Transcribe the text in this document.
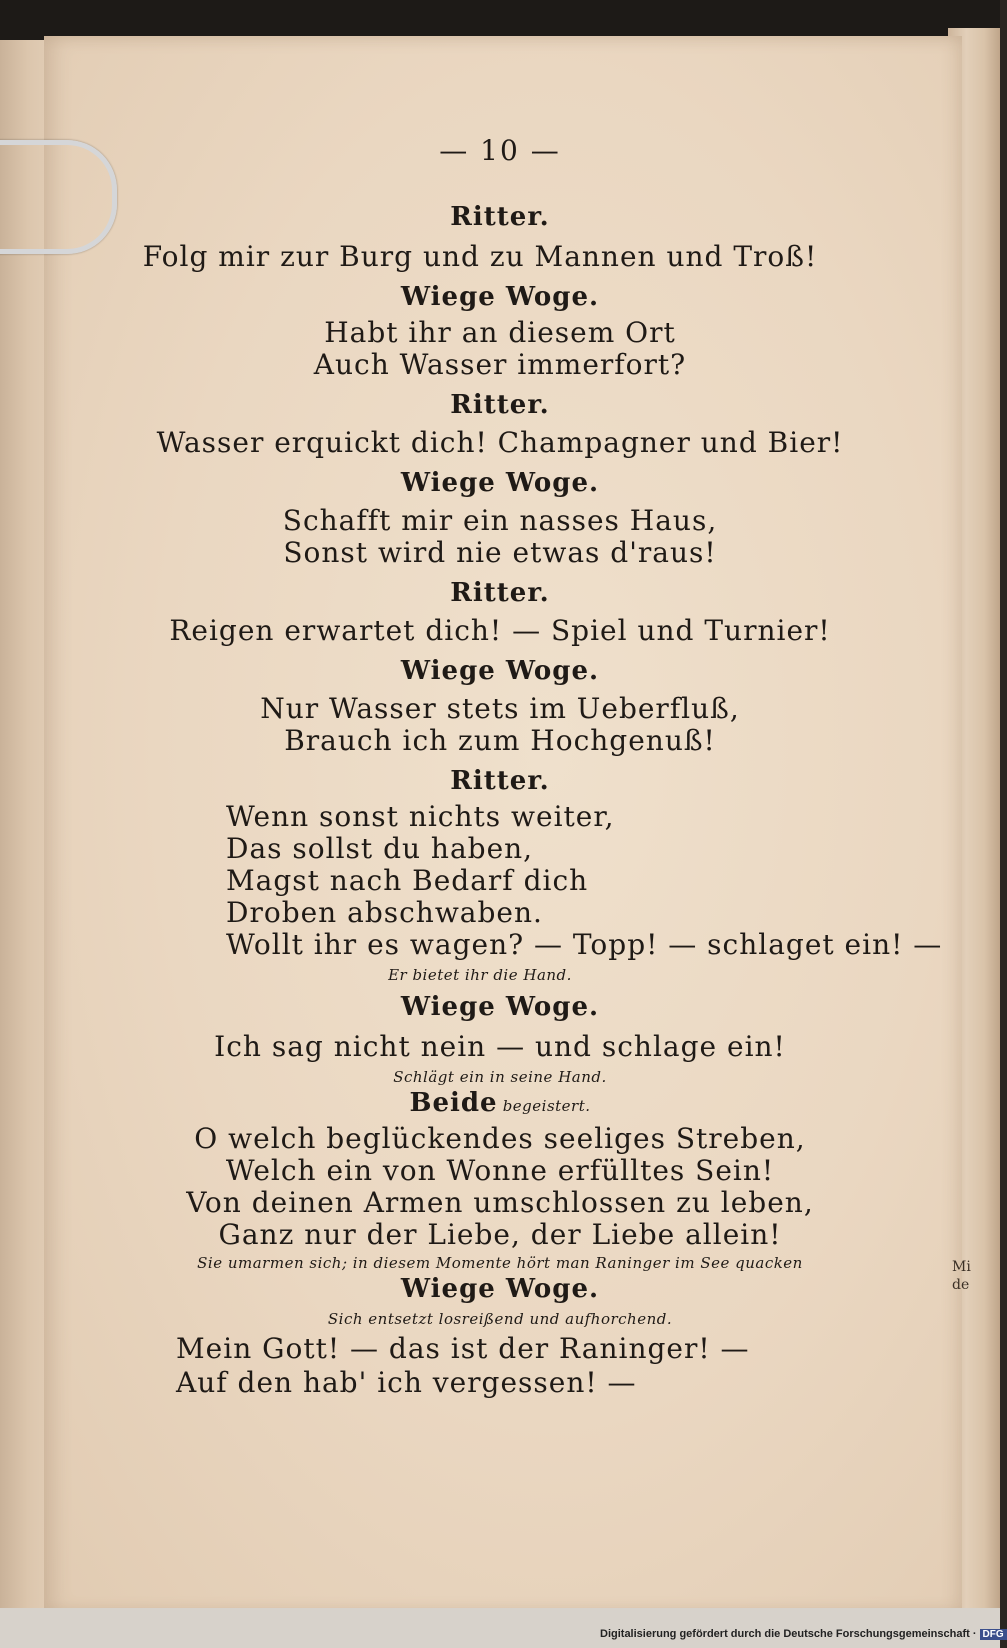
— 10 —
Ritter.
Folg mir zur Burg und zu Mannen und Troß!
Wiege Woge.
Habt ihr an diesem Ort
Auch Wasser immerfort?
Ritter.
Wasser erquickt dich! Champagner und Bier!
Wiege Woge.
Schafft mir ein nasses Haus,
Sonst wird nie etwas d'raus!
Ritter.
Reigen erwartet dich! — Spiel und Turnier!
Wiege Woge.
Nur Wasser stets im Ueberfluß,
Brauch ich zum Hochgenuß!
Ritter.
Wenn sonst nichts weiter,
Das sollst du haben,
Magst nach Bedarf dich
Droben abschwaben.
Wollt ihr es wagen? — Topp! — schlaget ein! —
Er bietet ihr die Hand.
Wiege Woge.
Ich sag nicht nein — und schlage ein!
Schlägt ein in seine Hand.
Beide begeistert.
O welch beglückendes seeliges Streben,
Welch ein von Wonne erfülltes Sein!
Von deinen Armen umschlossen zu leben,
Ganz nur der Liebe, der Liebe allein!
Sie umarmen sich; in diesem Momente hört man Raninger im See quacken
Wiege Woge.
Sich entsetzt losreißend und aufhorchend.
Mein Gott! — das ist der Raninger! —
Auf den hab' ich vergessen! —
Mi
de
Digitalisierung gefördert durch die Deutsche Forschungsgemeinschaft · DFG
